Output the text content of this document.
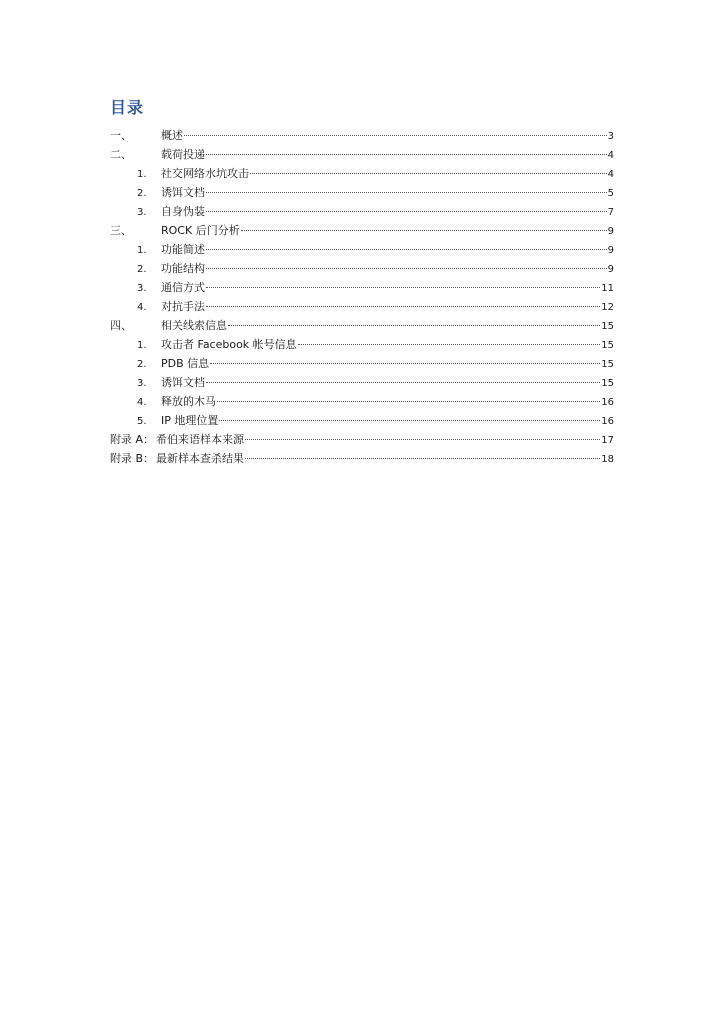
目录
一、	概述	3
二、	载荷投递	4
1.	社交网络水坑攻击	4
2.	诱饵文档	5
3.	自身伪装	7
三、	ROCK 后门分析	9
1.	功能简述	9
2.	功能结构	9
3.	通信方式	11
4.	对抗手法	12
四、	相关线索信息	15
1.	攻击者 Facebook 帐号信息	15
2.	PDB 信息	15
3.	诱饵文档	15
4.	释放的木马	16
5.	IP 地理位置	16
附录 A： 希伯来语样本来源	17
附录 B： 最新样本查杀结果	18
